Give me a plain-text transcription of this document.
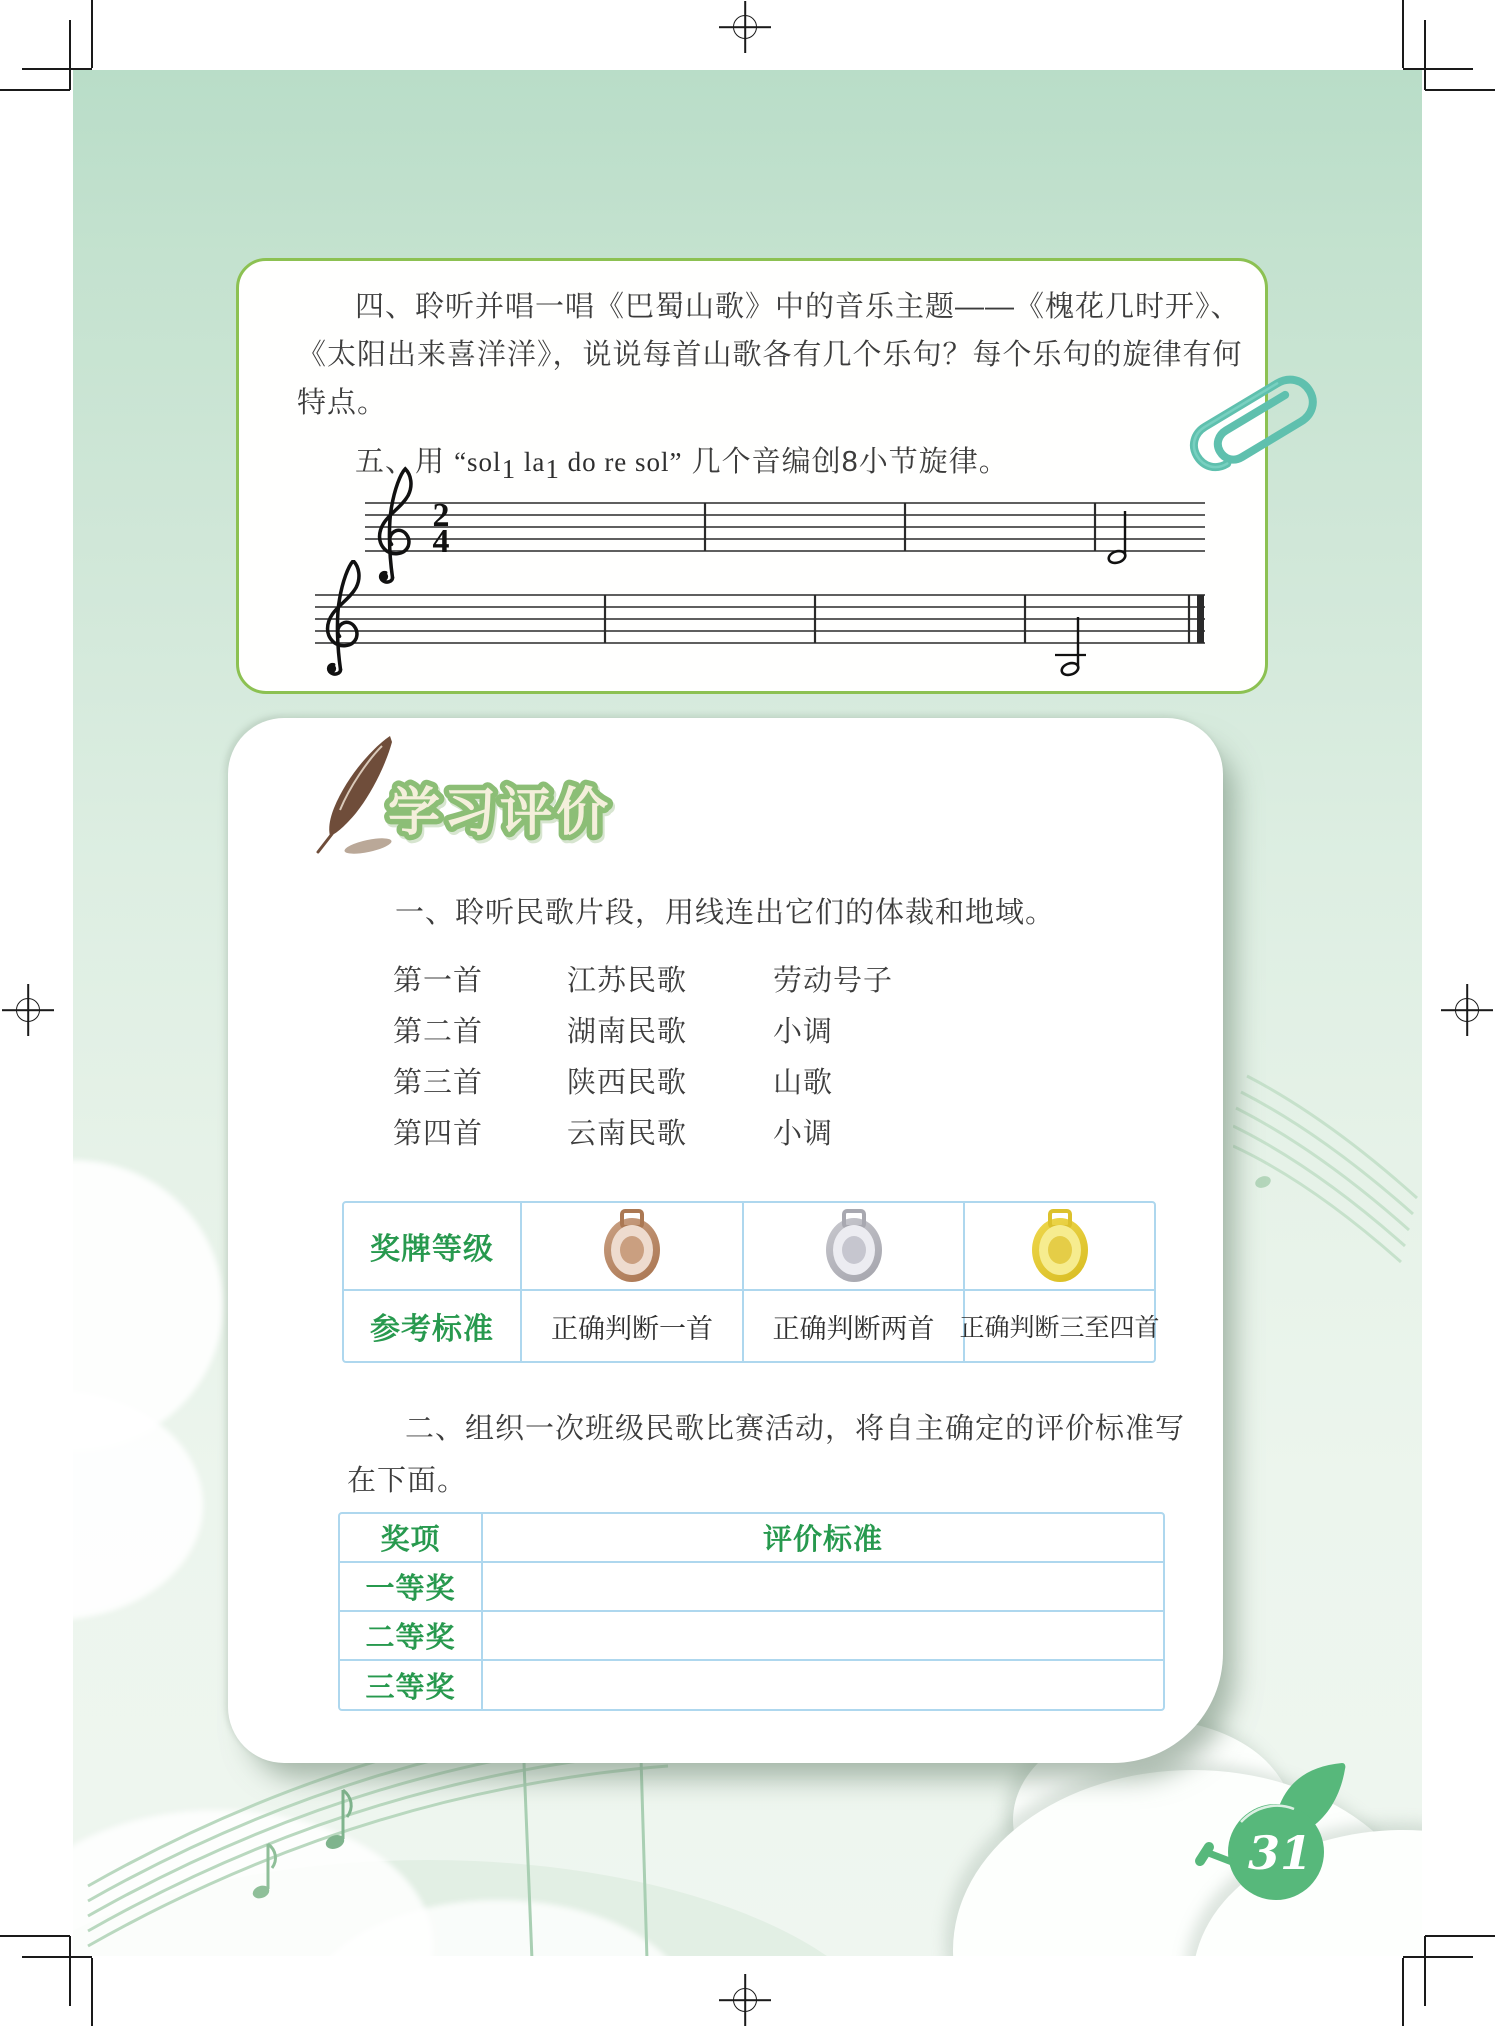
四、聆听并唱一唱《巴蜀山歌》中的音乐主题——《槐花几时开》、《太阳出来喜洋洋》，说说每首山歌各有几个乐句？每个乐句的旋律有何特点。

五、用 “sol$_1$ $la_1$ do re sol” 几个音编创8小节旋律。
2
4
学习评价
一、聆听民歌片段，用线连出它们的体裁和地域。
第一首
第二首
第三首
第四首
江苏民歌
湖南民歌
陕西民歌
云南民歌
劳动号子
小调
山歌
小调
奖牌等级
参考标准 正确判断一首 正确判断两首 正确判断三至四首

二、组织一次班级民歌比赛活动，将自主确定的评价标准写在下面。

奖项	评价标准
一等奖
二等奖
三等奖
31
